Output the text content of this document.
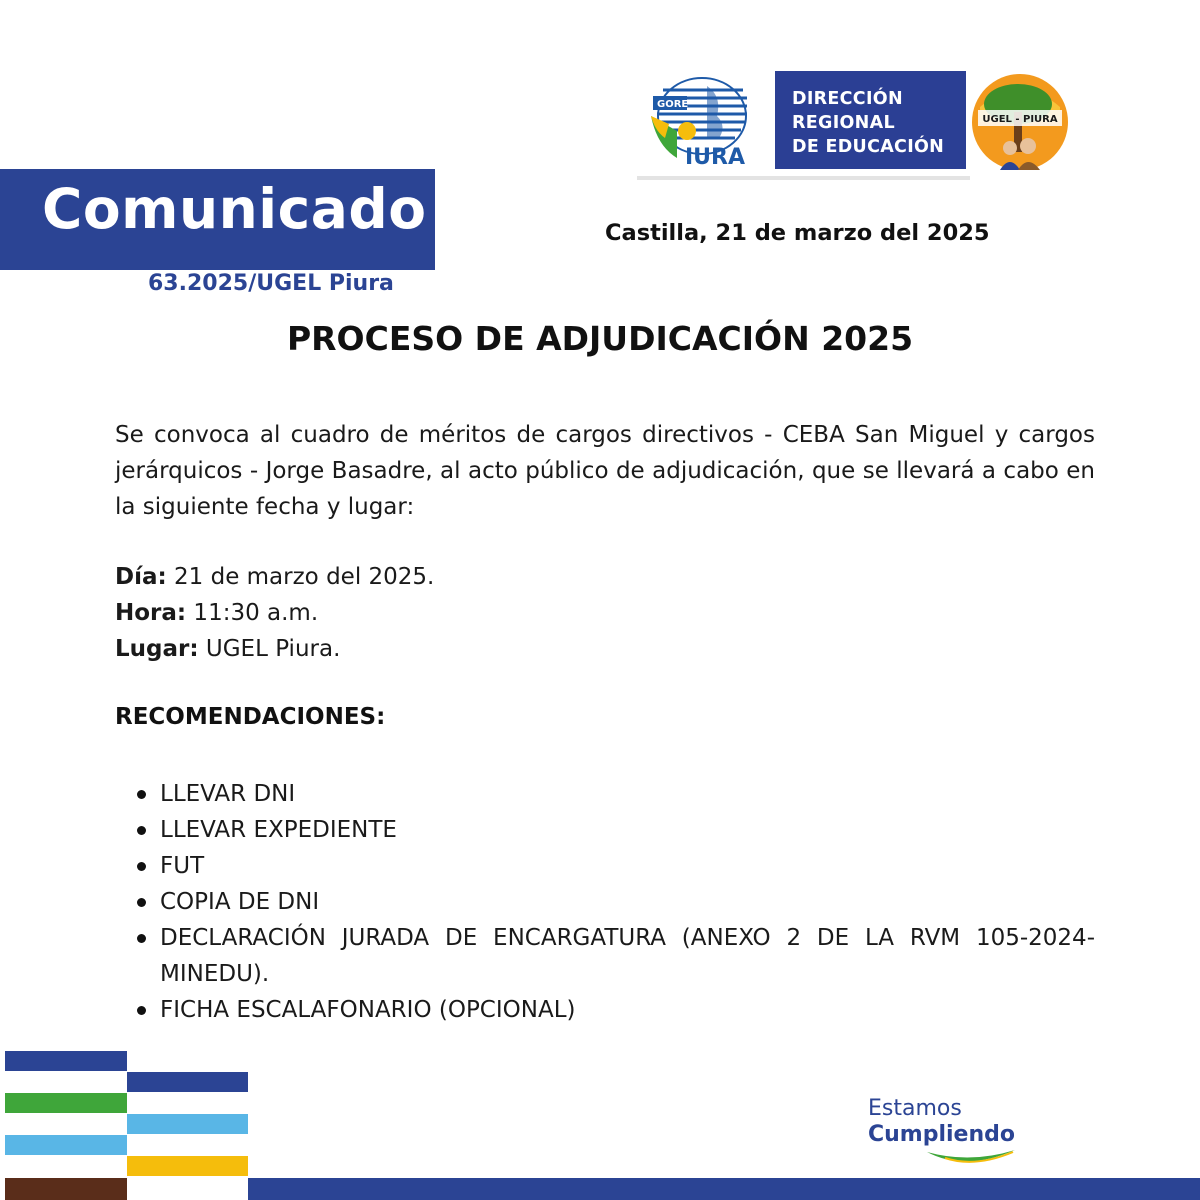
GORE
IURA
DIRECCIÓN
REGIONAL
DE EDUCACIÓN
UGEL - PIURA
Comunicado
63.2025/UGEL Piura
Castilla, 21 de marzo del 2025
PROCESO DE ADJUDICACIÓN 2025
Se convoca al cuadro de méritos de cargos directivos - CEBA San Miguel y cargos jerárquicos - Jorge Basadre, al acto público de adjudicación, que se llevará a cabo en la siguiente fecha y lugar:
Día: 21 de marzo del 2025.
Hora: 11:30 a.m.
Lugar: UGEL Piura.
RECOMENDACIONES:
LLEVAR DNI
LLEVAR EXPEDIENTE
FUT
COPIA DE DNI
DECLARACIÓN JURADA DE ENCARGATURA (ANEXO 2 DE LA RVM 105-2024-MINEDU).
FICHA ESCALAFONARIO (OPCIONAL)
Estamos
Cumpliendo
